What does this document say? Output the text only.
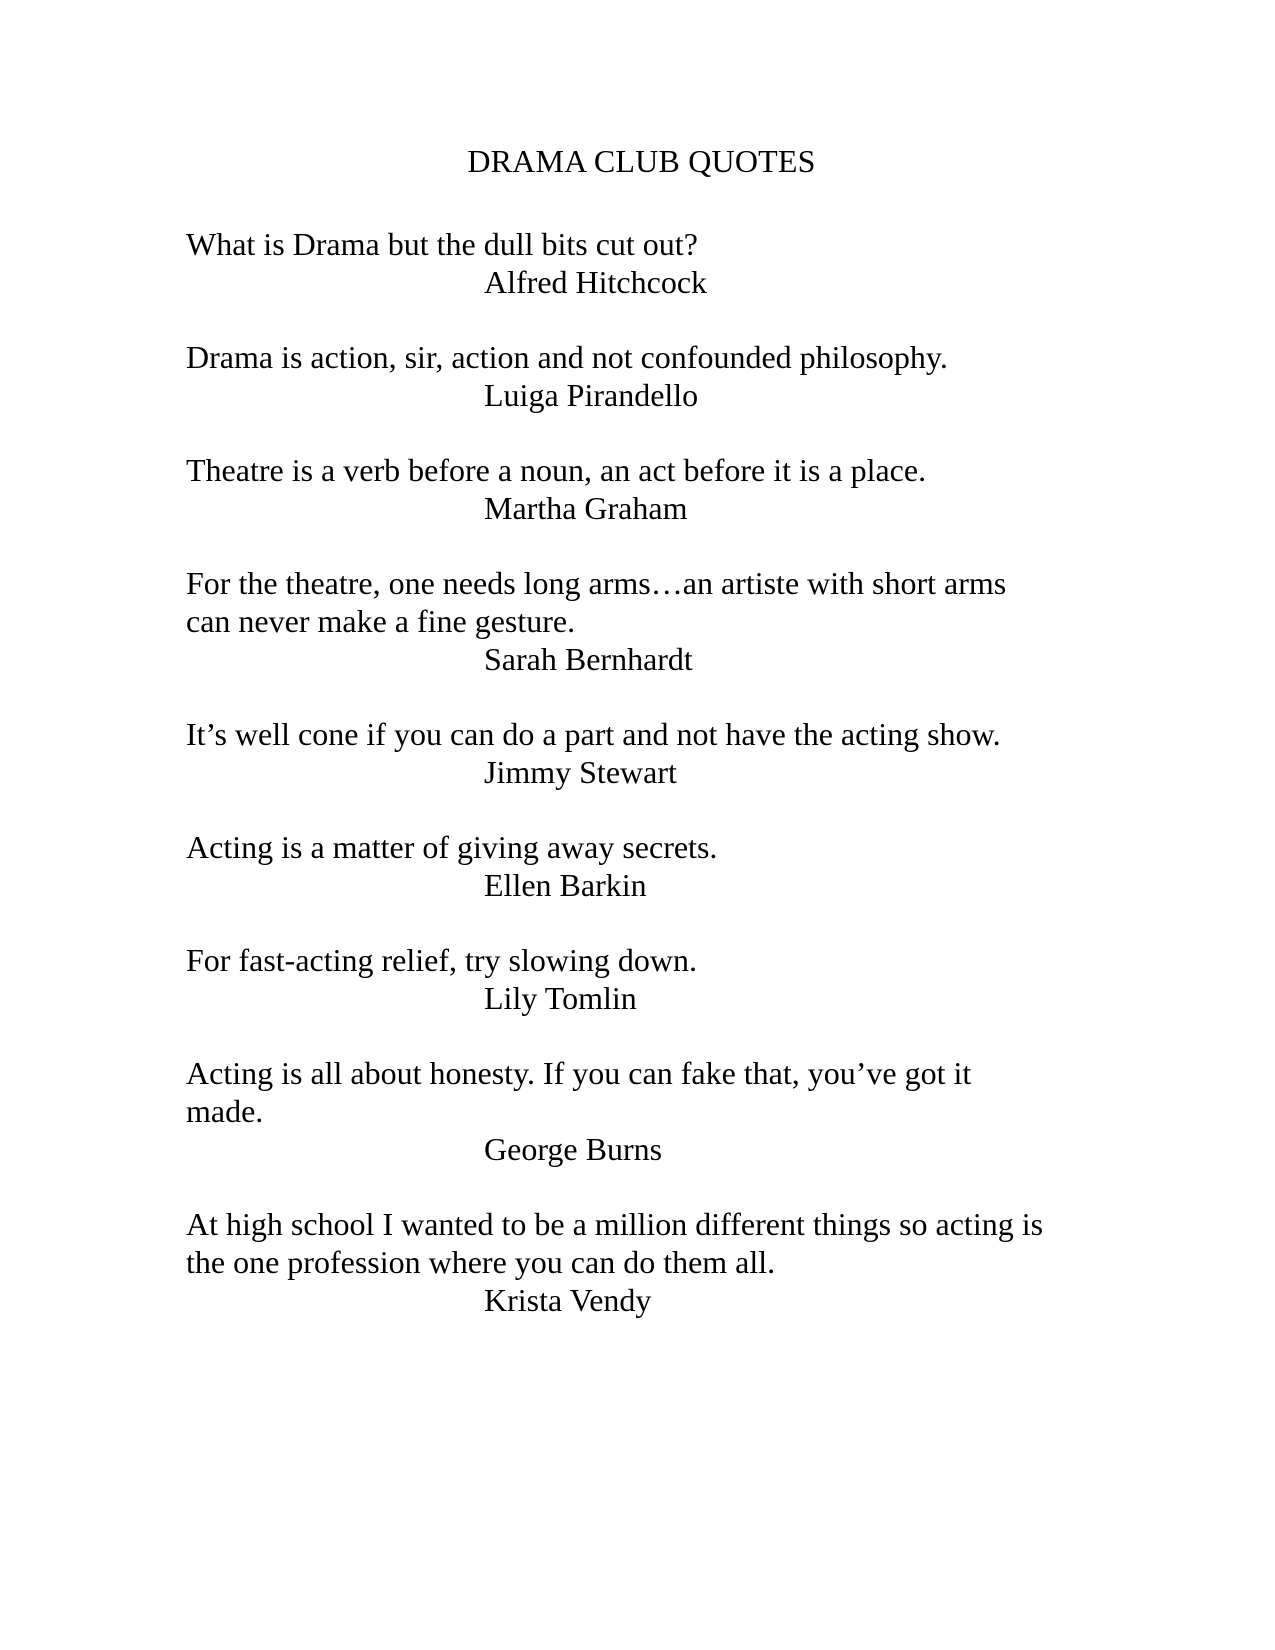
DRAMA CLUB QUOTES

What is Drama but the dull bits cut out?

Alfred Hitchcock

Drama is action, sir, action and not confounded philosophy.

Luiga Pirandello

Theatre is a verb before a noun, an act before it is a place.

Martha Graham

For the theatre, one needs long arms…an artiste with short arms

can never make a fine gesture.

Sarah Bernhardt

It’s well cone if you can do a part and not have the acting show.

Jimmy Stewart

Acting is a matter of giving away secrets.

Ellen Barkin

For fast-acting relief, try slowing down.

Lily Tomlin

Acting is all about honesty. If you can fake that, you’ve got it

made.

George Burns

At high school I wanted to be a million different things so acting is

the one profession where you can do them all.

Krista Vendy
